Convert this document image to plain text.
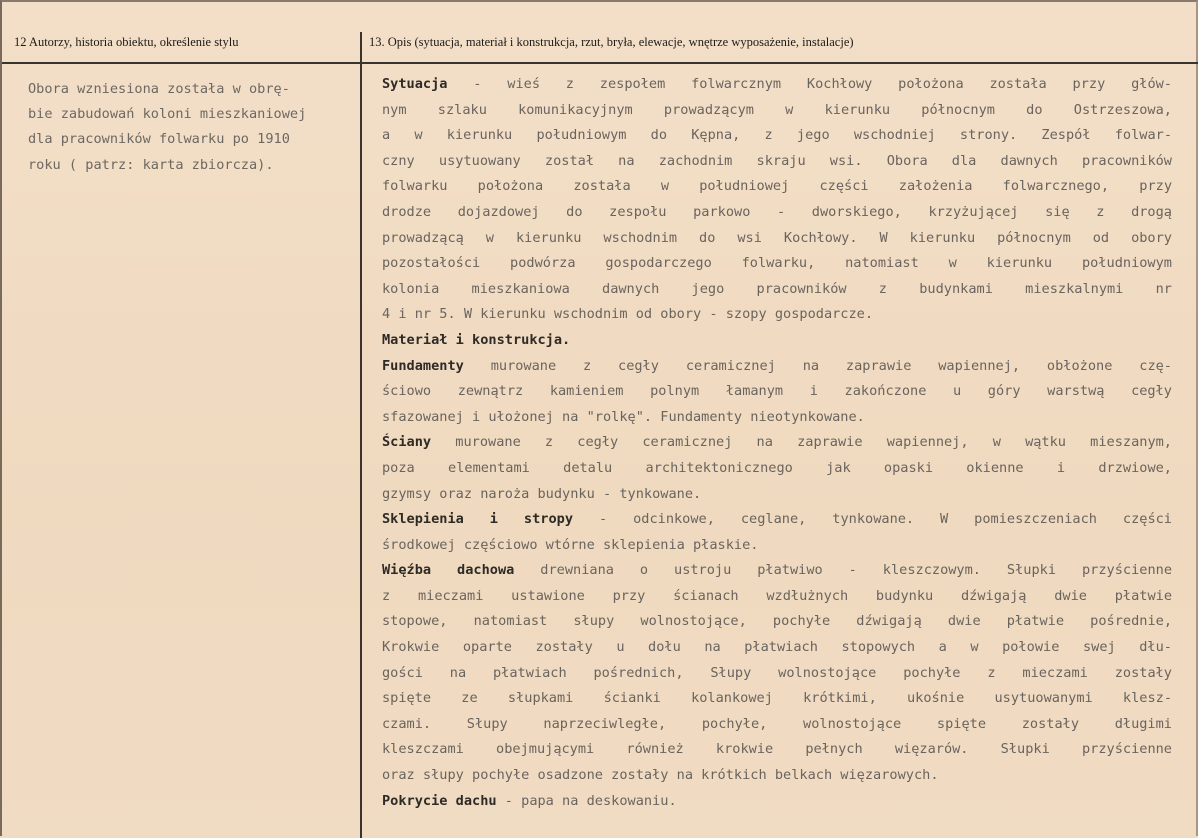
12 Autorzy, historia obiektu, określenie stylu	13. Opis (sytuacja, materiał i konstrukcja, rzut, bryła, elewacje, wnętrze wyposażenie, instalacje)
Obora wzniesiona została w obrę-
bie zabudowań koloni mieszkaniowej
dla pracowników folwarku po 1910
roku ( patrz: karta zbiorcza).
Sytuacja - wieś z zespołem folwarcznym Kochłowy położona została przy głów-
nym szlaku komunikacyjnym prowadzącym w kierunku północnym do Ostrzeszowa,
a w kierunku południowym do Kępna, z jego wschodniej strony. Zespół folwar-
czny usytuowany został na zachodnim skraju wsi. Obora dla dawnych pracowników
folwarku położona została w południowej części założenia folwarcznego, przy
drodze dojazdowej do zespołu parkowo - dworskiego, krzyżującej się z drogą
prowadzącą w kierunku wschodnim do wsi Kochłowy. W kierunku północnym od obory
pozostałości podwórza gospodarczego folwarku, natomiast w kierunku południowym
kolonia mieszkaniowa dawnych jego pracowników z budynkami mieszkalnymi nr
4 i nr 5. W kierunku wschodnim od obory - szopy gospodarcze.
Materiał i konstrukcja.
Fundamenty murowane z cegły ceramicznej na zaprawie wapiennej, obłożone czę-
ściowo zewnątrz kamieniem polnym łamanym i zakończone u góry warstwą cegły
sfazowanej i ułożonej na "rolkę". Fundamenty nieotynkowane.
Ściany murowane z cegły ceramicznej na zaprawie wapiennej, w wątku mieszanym,
poza elementami detalu architektonicznego jak opaski okienne i drzwiowe,
gzymsy oraz naroża budynku - tynkowane.
Sklepienia i stropy - odcinkowe, ceglane, tynkowane. W pomieszczeniach części
środkowej częściowo wtórne sklepienia płaskie.
Więźba dachowa drewniana o ustroju płatwiwo - kleszczowym. Słupki przyścienne
z mieczami ustawione przy ścianach wzdłużnych budynku dźwigają dwie płatwie
stopowe, natomiast słupy wolnostojące, pochyłe dźwigają dwie płatwie pośrednie,
Krokwie oparte zostały u dołu na płatwiach stopowych a w połowie swej dłu-
gości na płatwiach pośrednich, Słupy wolnostojące pochyłe z mieczami zostały
spięte ze słupkami ścianki kolankowej krótkimi, ukośnie usytuowanymi klesz-
czami. Słupy naprzeciwległe, pochyłe, wolnostojące spięte zostały długimi
kleszczami obejmującymi również krokwie pełnych więzarów. Słupki przyścienne
oraz słupy pochyłe osadzone zostały na krótkich belkach więzarowych.
Pokrycie dachu - papa na deskowaniu.
